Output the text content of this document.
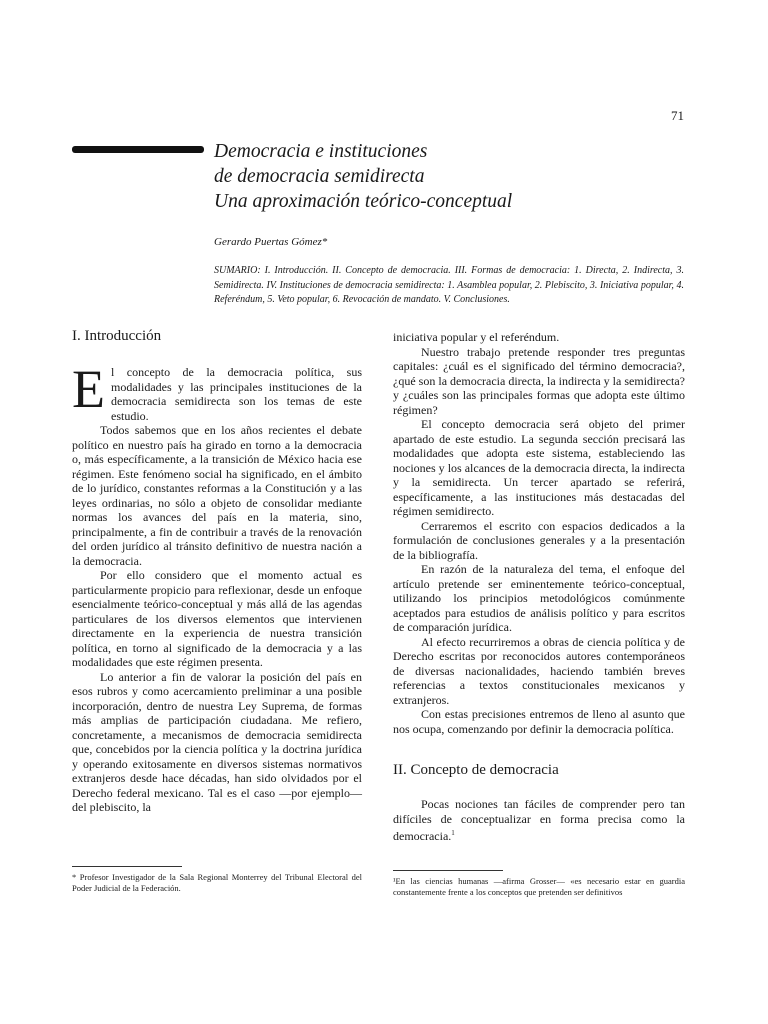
71
Democracia e instituciones
de democracia semidirecta
Una aproximación teórico-conceptual
Gerardo Puertas Gómez*
SUMARIO: I. Introducción. II. Concepto de democracia. III. Formas de democracia: 1. Directa, 2. Indirecta, 3. Semidirecta. IV. Instituciones de democracia semidirecta: 1. Asamblea popular, 2. Plebiscito, 3. Iniciativa popular, 4. Referéndum, 5. Veto popular, 6. Revocación de mandato. V. Conclusiones.
I. Introducción

El concepto de la democracia política, sus modalidades y las principales instituciones de la democracia semidirecta son los temas de este estudio.

Todos sabemos que en los años recientes el debate político en nuestro país ha girado en torno a la democracia o, más específicamente, a la transición de México hacia ese régimen. Este fenómeno social ha significado, en el ámbito de lo jurídico, constantes reformas a la Constitución y a las leyes ordinarias, no sólo a objeto de consolidar mediante normas los avances del país en la materia, sino, principalmente, a fin de contribuir a través de la renovación del orden jurídico al tránsito definitivo de nuestra nación a la democracia.

Por ello considero que el momento actual es particularmente propicio para reflexionar, desde un enfoque esencialmente teórico-conceptual y más allá de las agendas particulares de los diversos elementos que intervienen directamente en la experiencia de nuestra transición política, en torno al significado de la democracia y a las modalidades que este régimen presenta.

Lo anterior a fin de valorar la posición del país en esos rubros y como acercamiento preliminar a una posible incorporación, dentro de nuestra Ley Suprema, de formas más amplias de participación ciudadana. Me refiero, concretamente, a mecanismos de democracia semidirecta que, concebidos por la ciencia política y la doctrina jurídica y operando exitosamente en diversos sistemas normativos extranjeros desde hace décadas, han sido olvidados por el Derecho federal mexicano. Tal es el caso —por ejemplo— del plebiscito, la

iniciativa popular y el referéndum.

Nuestro trabajo pretende responder tres preguntas capitales: ¿cuál es el significado del término democracia?, ¿qué son la democracia directa, la indirecta y la semidirecta? y ¿cuáles son las principales formas que adopta este último régimen?

El concepto democracia será objeto del primer apartado de este estudio. La segunda sección precisará las modalidades que adopta este sistema, estableciendo las nociones y los alcances de la democracia directa, la indirecta y la semidirecta. Un tercer apartado se referirá, específicamente, a las instituciones más destacadas del régimen semidirecto.

Cerraremos el escrito con espacios dedicados a la formulación de conclusiones generales y a la presentación de la bibliografía.

En razón de la naturaleza del tema, el enfoque del artículo pretende ser eminentemente teórico-conceptual, utilizando los principios metodológicos comúnmente aceptados para estudios de análisis político y para escritos de comparación jurídica.

Al efecto recurriremos a obras de ciencia política y de Derecho escritas por reconocidos autores contemporáneos de diversas nacionalidades, haciendo también breves referencias a textos constitucionales mexicanos y extranjeros.

Con estas precisiones entremos de lleno al asunto que nos ocupa, comenzando por definir la democracia política.

II. Concepto de democracia

Pocas nociones tan fáciles de comprender pero tan difíciles de conceptualizar en forma precisa como la democracia.$^1$

* Profesor Investigador de la Sala Regional Monterrey del Tribunal Electoral del Poder Judicial de la Federación.
¹En las ciencias humanas —afirma Grosser— «es necesario estar en guardia constantemente frente a los conceptos que pretenden ser definitivos
